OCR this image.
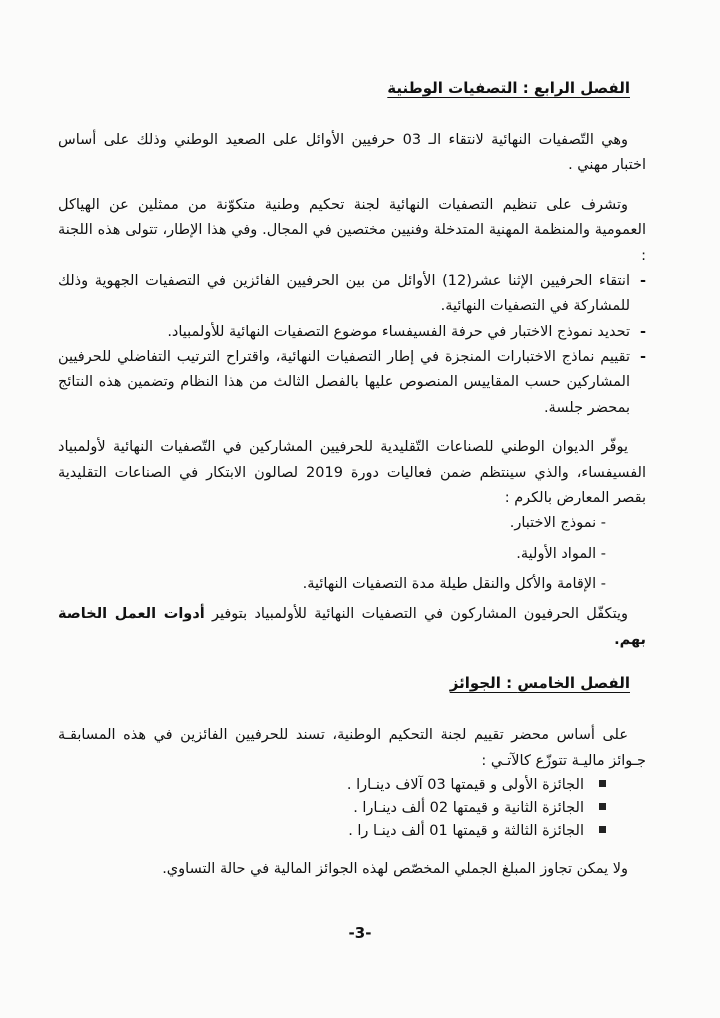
الفصل الرابع : التصفيات الوطنية

وهي التّصفيات النهائية لانتقاء الـ 03 حرفيين الأوائل على الصعيد الوطني وذلك على أساس اختبار مهني .

وتشرف على تنظيم التصفيات النهائية لجنة تحكيم وطنية متكوّنة من ممثلين عن الهياكل العمومية والمنظمة المهنية المتدخلة وفنيين مختصين في المجال. وفي هذا الإطار، تتولى هذه اللجنة :

-
انتقاء الحرفيين الإثنا عشر(12) الأوائل من بين الحرفيين الفائزين في التصفيات الجهوية وذلك للمشاركة في التصفيات النهائية.

-
تحديد نموذج الاختبار في حرفة الفسيفساء موضوع التصفيات النهائية للأولمبياد.

-
تقييم نماذج الاختبارات المنجزة في إطار التصفيات النهائية، واقتراح الترتيب التفاضلي للحرفيين المشاركين حسب المقاييس المنصوص عليها بالفصل الثالث من هذا النظام وتضمين هذه النتائج بمحضر جلسة.

يوفّر الديوان الوطني للصناعات التّقليدية للحرفيين المشاركين في التّصفيات النهائية لأولمبياد الفسيفساء، والذي سينتظم ضمن فعاليات دورة 2019 لصالون الابتكار في الصناعات التقليدية بقصر المعارض بالكرم :

- نموذج الاختبار.
- المواد الأولية.
- الإقامة والأكل والنقل طيلة مدة التصفيات النهائية.

ويتكفّل الحرفيون المشاركون في التصفيات النهائية للأولمبياد بتوفير أدوات العمل الخاصة بهم.

الفصل الخامس : الجوائز

على أساس محضر تقييم لجنة التحكيم الوطنية، تسند للحرفيين الفائزين في هذه المسابقـة جـوائز ماليـة تتوزّع كالآتـي :

الجائزة الأولى و قيمتها 03 آلاف دينـارا .
الجائزة الثانية و قيمتها 02 ألف دينـارا .
الجائزة الثالثة و قيمتها 01 ألف دينـا را .

ولا يمكن تجاوز المبلغ الجملي المخصّص لهذه الجوائز المالية في حالة التساوي.

-3-
